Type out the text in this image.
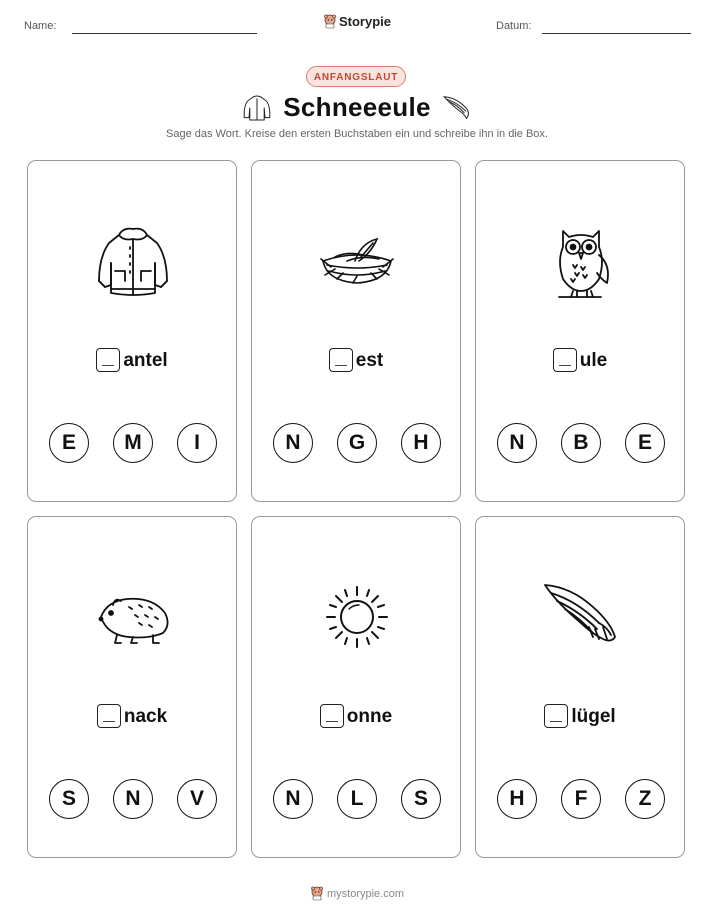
Name:	Storypie	Datum:
ANFANGSLAUT
Schneeeule
Sage das Wort. Kreise den ersten Buchstaben ein und schreibe ihn in die Box.
antel
E	M	I
est
N	G	H
ule
N	B	E
nack
S	N	V
onne
N	L	S
lügel
H	F	Z
mystorypie.com
